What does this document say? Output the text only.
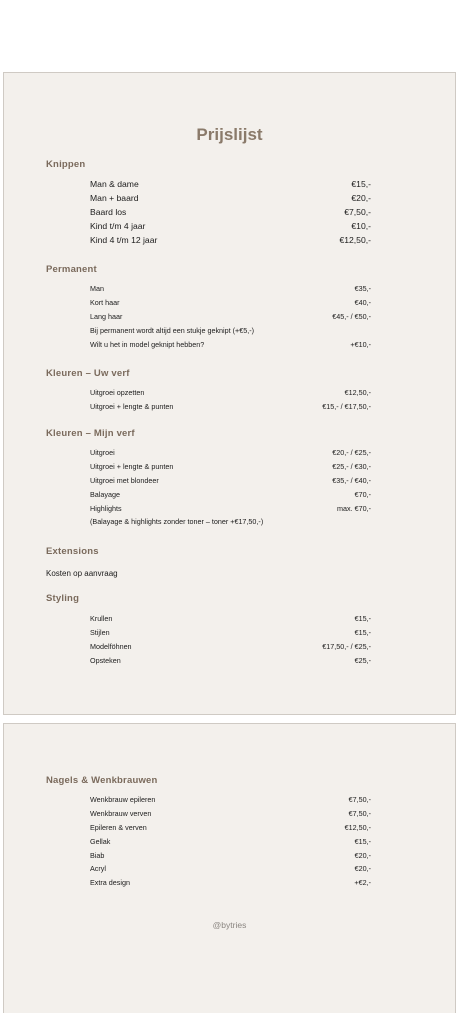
Prijslijst
Knippen
Man & dame	€15,-
Man + baard	€20,-
Baard los	€7,50,-
Kind t/m 4 jaar	€10,-
Kind 4 t/m 12 jaar	€12,50,-
Permanent
Man	€35,-
Kort haar	€40,-
Lang haar	€45,- / €50,-
Bij permanent wordt altijd een stukje geknipt (+€5,-)
Wilt u het in model geknipt hebben?	+€10,-
Kleuren – Uw verf
Uitgroei opzetten	€12,50,-
Uitgroei + lengte & punten	€15,- / €17,50,-
Kleuren – Mijn verf
Uitgroei	€20,- / €25,-
Uitgroei + lengte & punten	€25,- / €30,-
Uitgroei met blondeer	€35,- / €40,-
Balayage	€70,-
Highlights	max. €70,-
(Balayage & highlights zonder toner – toner +€17,50,-)
Extensions
Kosten op aanvraag
Styling
Krullen	€15,-
Stijlen	€15,-
Modelföhnen	€17,50,- / €25,-
Opsteken	€25,-
Nagels & Wenkbrauwen
Wenkbrauw epileren	€7,50,-
Wenkbrauw verven	€7,50,-
Epileren & verven	€12,50,-
Gellak	€15,-
Biab	€20,-
Acryl	€20,-
Extra design	+€2,-
@bytries
